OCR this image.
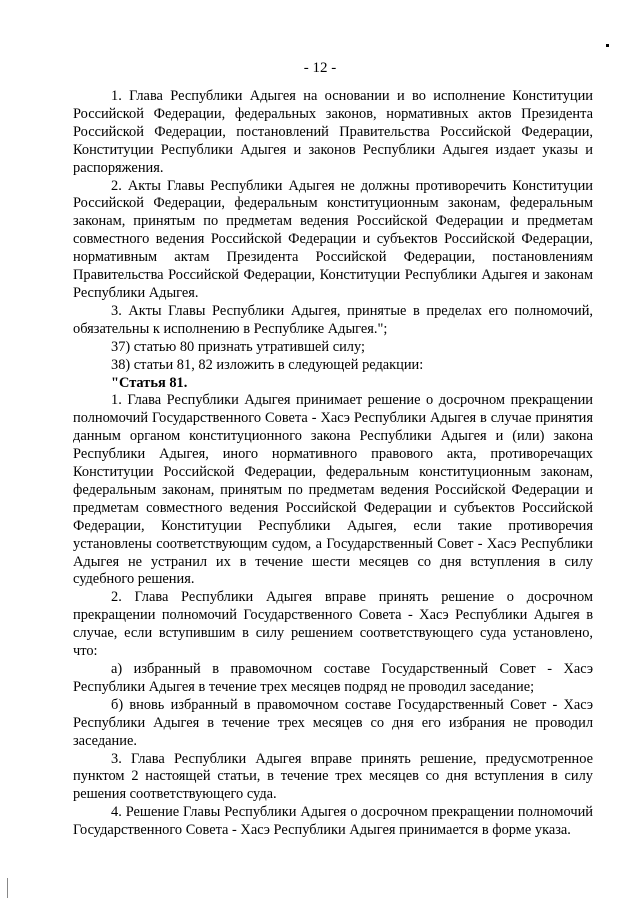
- 12 -

1. Глава Республики Адыгея на основании и во исполнение Конституции Российской Федерации, федеральных законов, нормативных актов Президента Российской Федерации, постановлений Правительства Российской Федерации, Конституции Республики Адыгея и законов Республики Адыгея издает указы и распоряжения.

2. Акты Главы Республики Адыгея не должны противоречить Конституции Российской Федерации, федеральным конституционным законам, федеральным законам, принятым по предметам ведения Российской Федерации и предметам совместного ведения Российской Федерации и субъектов Российской Федерации, нормативным актам Президента Российской Федерации, постановлениям Правительства Российской Федерации, Конституции Республики Адыгея и законам Республики Адыгея.

3. Акты Главы Республики Адыгея, принятые в пределах его полномочий, обязательны к исполнению в Республике Адыгея.";

37) статью 80 признать утратившей силу;

38) статьи 81, 82 изложить в следующей редакции:

"Статья 81.

1. Глава Республики Адыгея принимает решение о досрочном прекращении полномочий Государственного Совета - Хасэ Республики Адыгея в случае принятия данным органом конституционного закона Республики Адыгея и (или) закона Республики Адыгея, иного нормативного правового акта, противоречащих Конституции Российской Федерации, федеральным конституционным законам, федеральным законам, принятым по предметам ведения Российской Федерации и предметам совместного ведения Российской Федерации и субъектов Российской Федерации, Конституции Республики Адыгея, если такие противоречия установлены соответствующим судом, а Государственный Совет - Хасэ Республики Адыгея не устранил их в течение шести месяцев со дня вступления в силу судебного решения.

2. Глава Республики Адыгея вправе принять решение о досрочном прекращении полномочий Государственного Совета - Хасэ Республики Адыгея в случае, если вступившим в силу решением соответствующего суда установлено, что:

а) избранный в правомочном составе Государственный Совет - Хасэ Республики Адыгея в течение трех месяцев подряд не проводил заседание;

б) вновь избранный в правомочном составе Государственный Совет - Хасэ Республики Адыгея в течение трех месяцев со дня его избрания не проводил заседание.

3. Глава Республики Адыгея вправе принять решение, предусмотренное пунктом 2 настоящей статьи, в течение трех месяцев со дня вступления в силу решения соответствующего суда.

4. Решение Главы Республики Адыгея о досрочном прекращении полномочий Государственного Совета - Хасэ Республики Адыгея принимается в форме указа.
